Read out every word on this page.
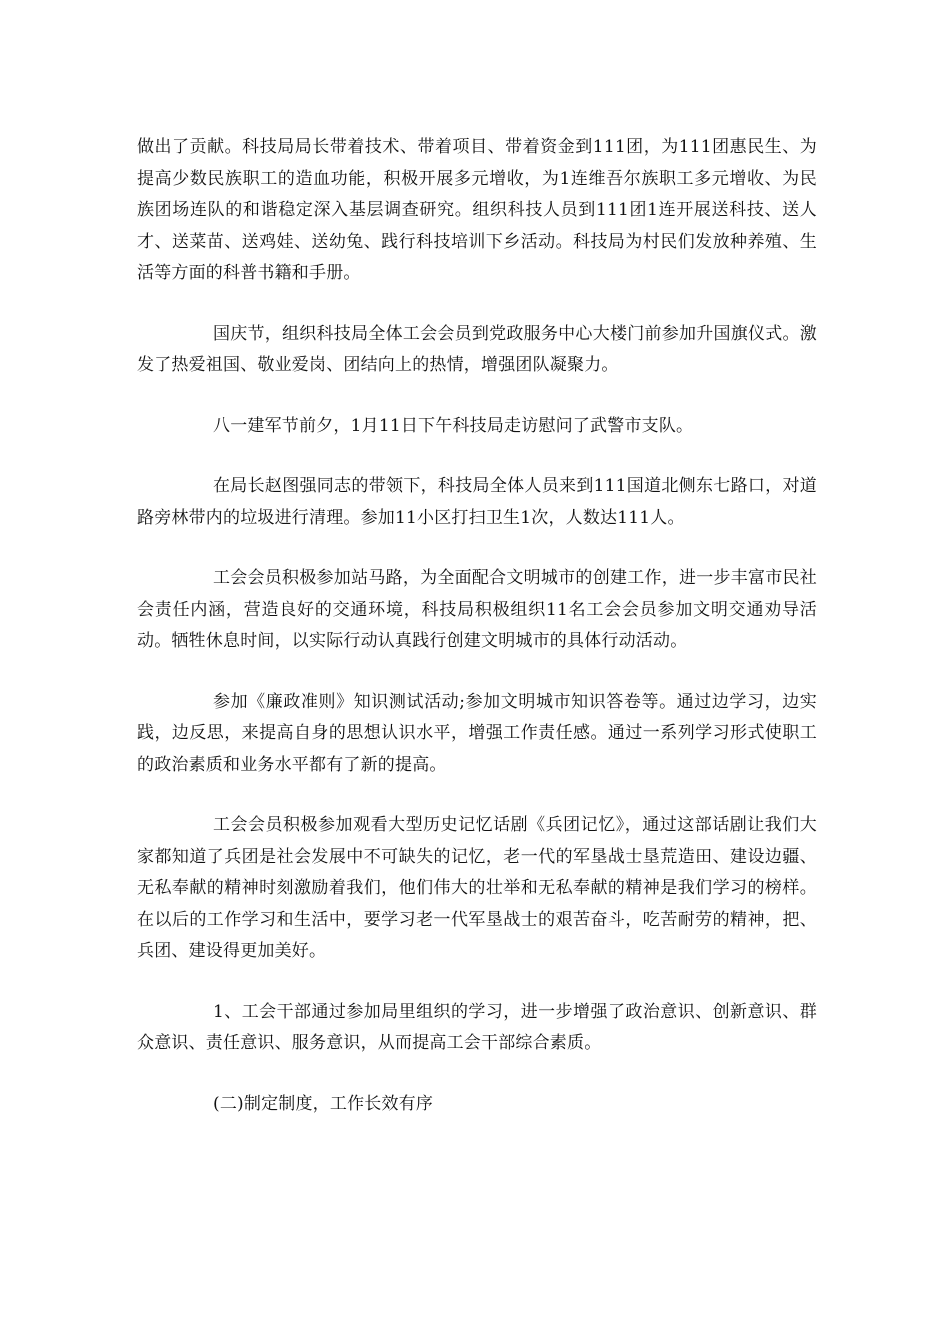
做出了贡献。科技局局长带着技术、带着项目、带着资金到111团，为111团惠民生、为提高少数民族职工的造血功能，积极开展多元增收，为1连维吾尔族职工多元增收、为民族团场连队的和谐稳定深入基层调查研究。组织科技人员到111团1连开展送科技、送人才、送菜苗、送鸡娃、送幼兔、践行科技培训下乡活动。科技局为村民们发放种养殖、生活等方面的科普书籍和手册。

国庆节，组织科技局全体工会会员到党政服务中心大楼门前参加升国旗仪式。激发了热爱祖国、敬业爱岗、团结向上的热情，增强团队凝聚力。

八一建军节前夕，1月11日下午科技局走访慰问了武警市支队。

在局长赵图强同志的带领下，科技局全体人员来到111国道北侧东七路口，对道路旁林带内的垃圾进行清理。参加11小区打扫卫生1次，人数达111人。

工会会员积极参加站马路，为全面配合文明城市的创建工作，进一步丰富市民社会责任内涵，营造良好的交通环境，科技局积极组织11名工会会员参加文明交通劝导活动。牺牲休息时间，以实际行动认真践行创建文明城市的具体行动活动。

参加《廉政准则》知识测试活动;参加文明城市知识答卷等。通过边学习，边实践，边反思，来提高自身的思想认识水平，增强工作责任感。通过一系列学习形式使职工的政治素质和业务水平都有了新的提高。

工会会员积极参加观看大型历史记忆话剧《兵团记忆》，通过这部话剧让我们大家都知道了兵团是社会发展中不可缺失的记忆，老一代的军垦战士垦荒造田、建设边疆、无私奉献的精神时刻激励着我们，他们伟大的壮举和无私奉献的精神是我们学习的榜样。在以后的工作学习和生活中，要学习老一代军垦战士的艰苦奋斗，吃苦耐劳的精神，把、兵团、建设得更加美好。

1、工会干部通过参加局里组织的学习，进一步增强了政治意识、创新意识、群众意识、责任意识、服务意识，从而提高工会干部综合素质。

(二)制定制度，工作长效有序
